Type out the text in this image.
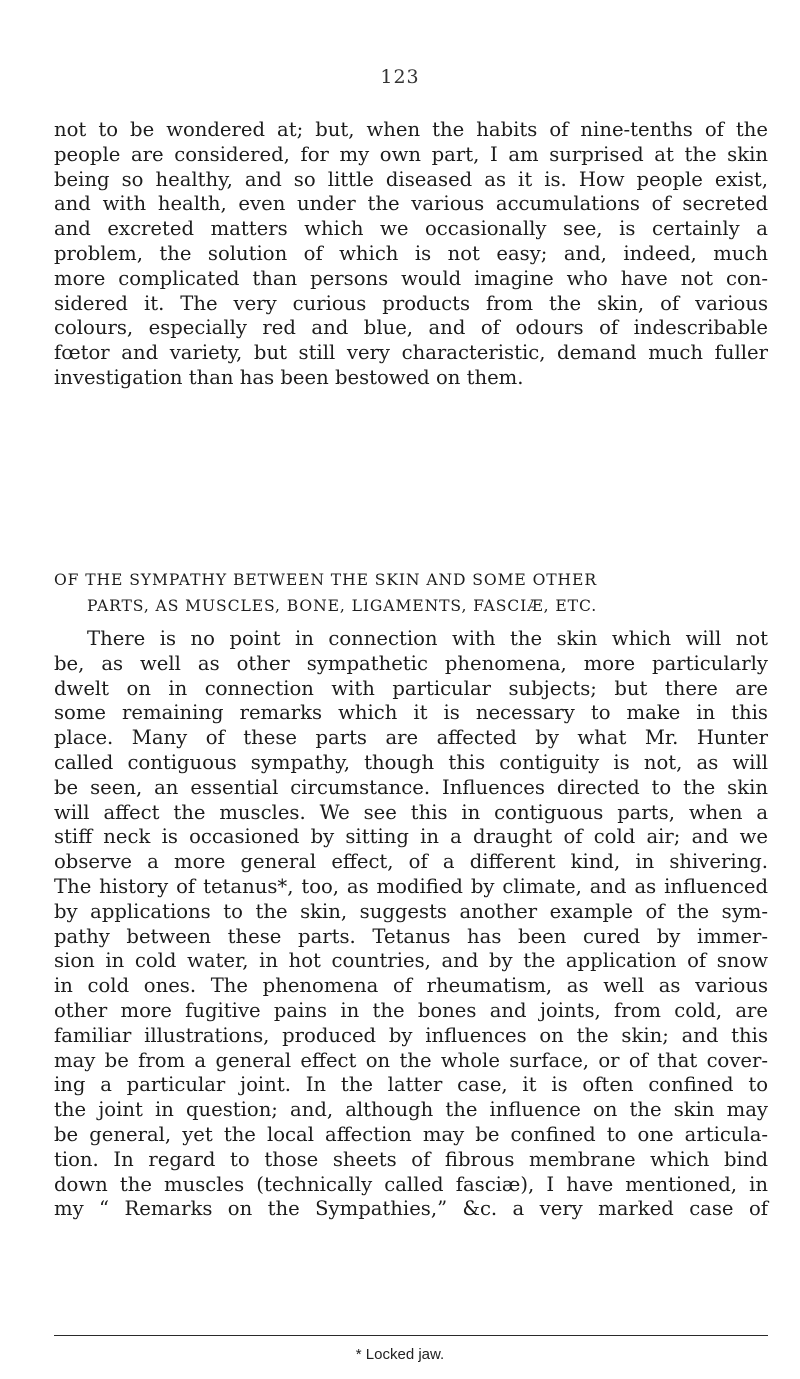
123

not to be wondered at; but, when the habits of nine-tenths of the
people are considered, for my own part, I am surprised at the skin
being so healthy, and so little diseased as it is. How people exist,
and with health, even under the various accumulations of secreted
and excreted matters which we occasionally see, is certainly a
problem, the solution of which is not easy; and, indeed, much
more complicated than persons would imagine who have not con-
sidered it. The very curious products from the skin, of various
colours, especially red and blue, and of odours of indescribable
fœtor and variety, but still very characteristic, demand much fuller
investigation than has been bestowed on them.

OF THE SYMPATHY BETWEEN THE SKIN AND SOME OTHER
PARTS, AS MUSCLES, BONE, LIGAMENTS, FASCIÆ, ETC.

There is no point in connection with the skin which will not
be, as well as other sympathetic phenomena, more particularly
dwelt on in connection with particular subjects; but there are
some remaining remarks which it is necessary to make in this
place. Many of these parts are affected by what Mr. Hunter
called contiguous sympathy, though this contiguity is not, as will
be seen, an essential circumstance. Influences directed to the skin
will affect the muscles. We see this in contiguous parts, when a
stiff neck is occasioned by sitting in a draught of cold air; and we
observe a more general effect, of a different kind, in shivering.
The history of tetanus*, too, as modified by climate, and as influenced
by applications to the skin, suggests another example of the sym-
pathy between these parts. Tetanus has been cured by immer-
sion in cold water, in hot countries, and by the application of snow
in cold ones. The phenomena of rheumatism, as well as various
other more fugitive pains in the bones and joints, from cold, are
familiar illustrations, produced by influences on the skin; and this
may be from a general effect on the whole surface, or of that cover-
ing a particular joint. In the latter case, it is often confined to
the joint in question; and, although the influence on the skin may
be general, yet the local affection may be confined to one articula-
tion. In regard to those sheets of fibrous membrane which bind
down the muscles (technically called fasciæ), I have mentioned, in
my “ Remarks on the Sympathies,” &c. a very marked case of

* Locked jaw.
